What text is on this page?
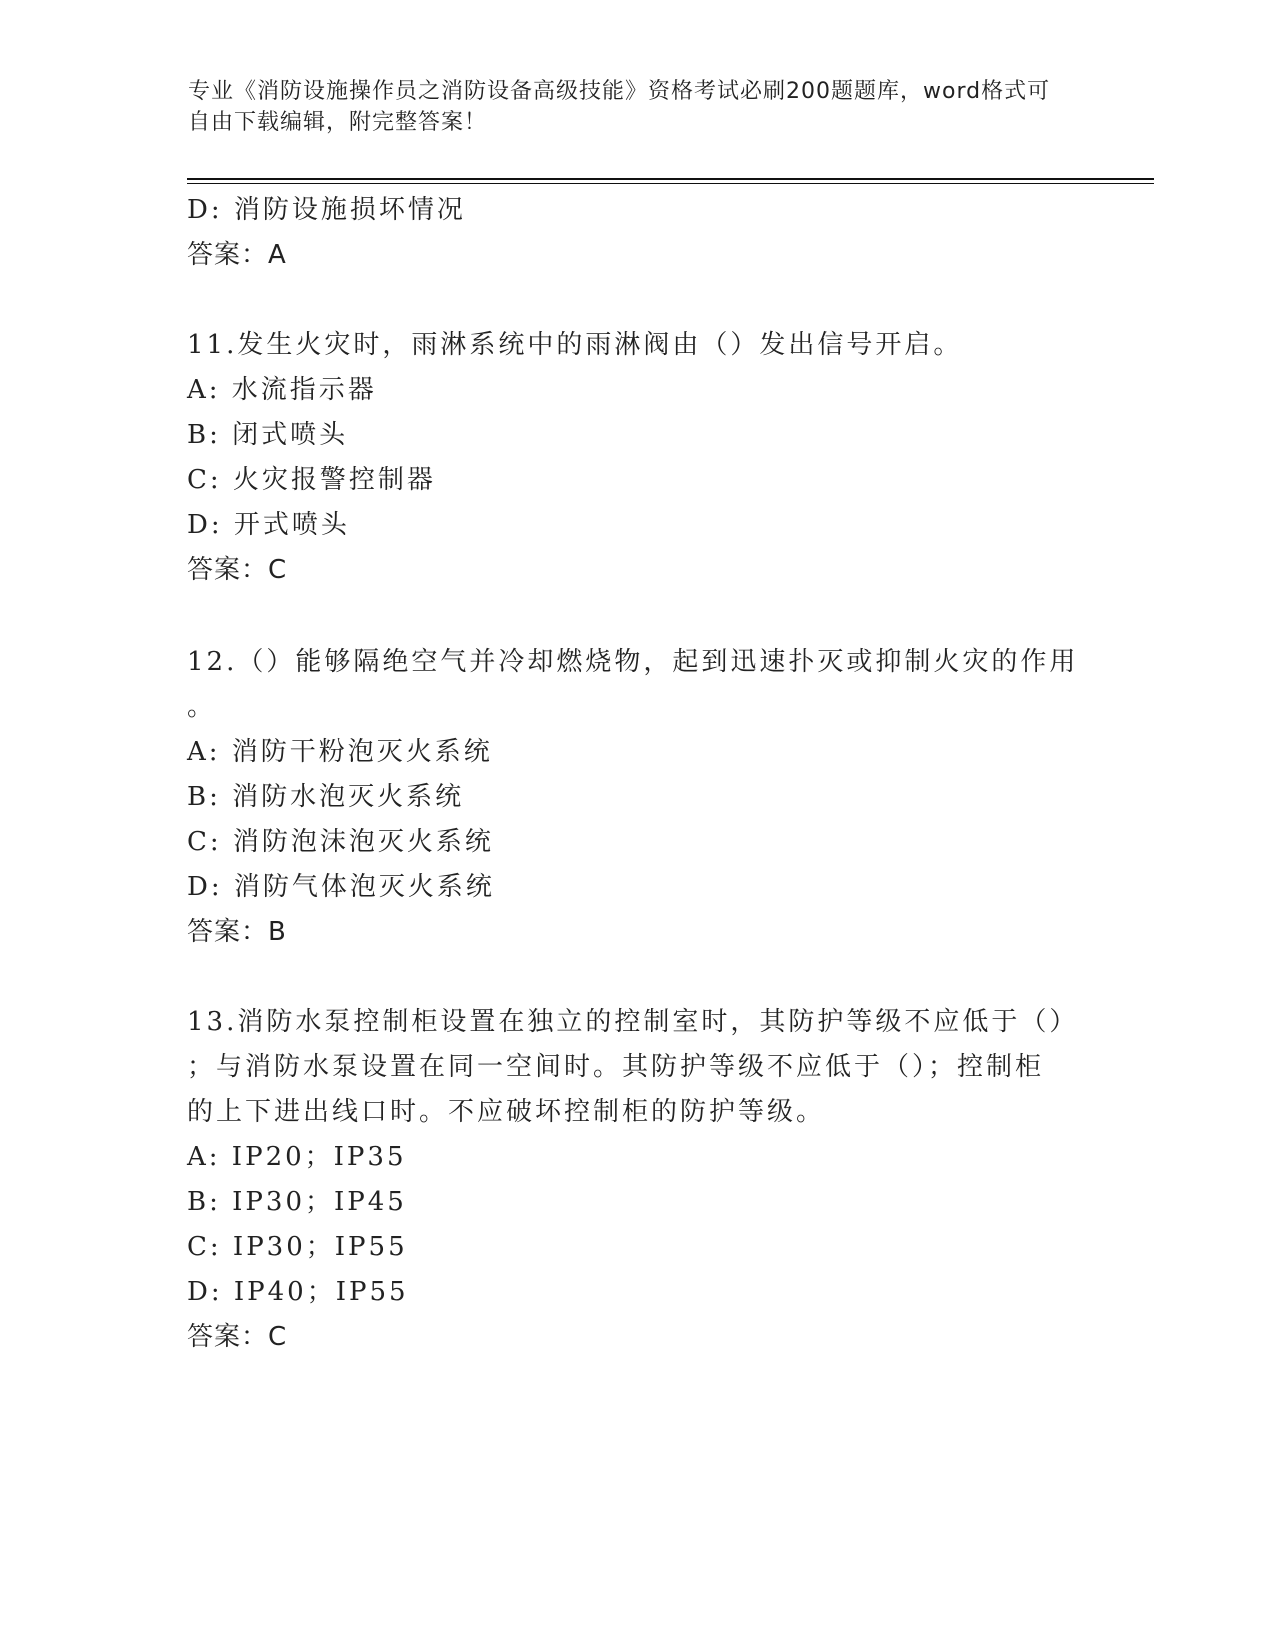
专业《消防设施操作员之消防设备高级技能》资格考试必刷200题题库，word格式可自由下载编辑，附完整答案！
D: 消防设施损坏情况
答案：A
11.发生火灾时，雨淋系统中的雨淋阀由（）发出信号开启。
A: 水流指示器
B: 闭式喷头
C: 火灾报警控制器
D: 开式喷头
答案：C
12.（）能够隔绝空气并冷却燃烧物，起到迅速扑灭或抑制火灾的作用
。
A: 消防干粉泡灭火系统
B: 消防水泡灭火系统
C: 消防泡沫泡灭火系统
D: 消防气体泡灭火系统
答案：B
13.消防水泵控制柜设置在独立的控制室时，其防护等级不应低于（）
；与消防水泵设置在同一空间时。其防护等级不应低于（）；控制柜
的上下进出线口时。不应破坏控制柜的防护等级。
A: IP20；IP35
B: IP30；IP45
C: IP30；IP55
D: IP40；IP55
答案：C
